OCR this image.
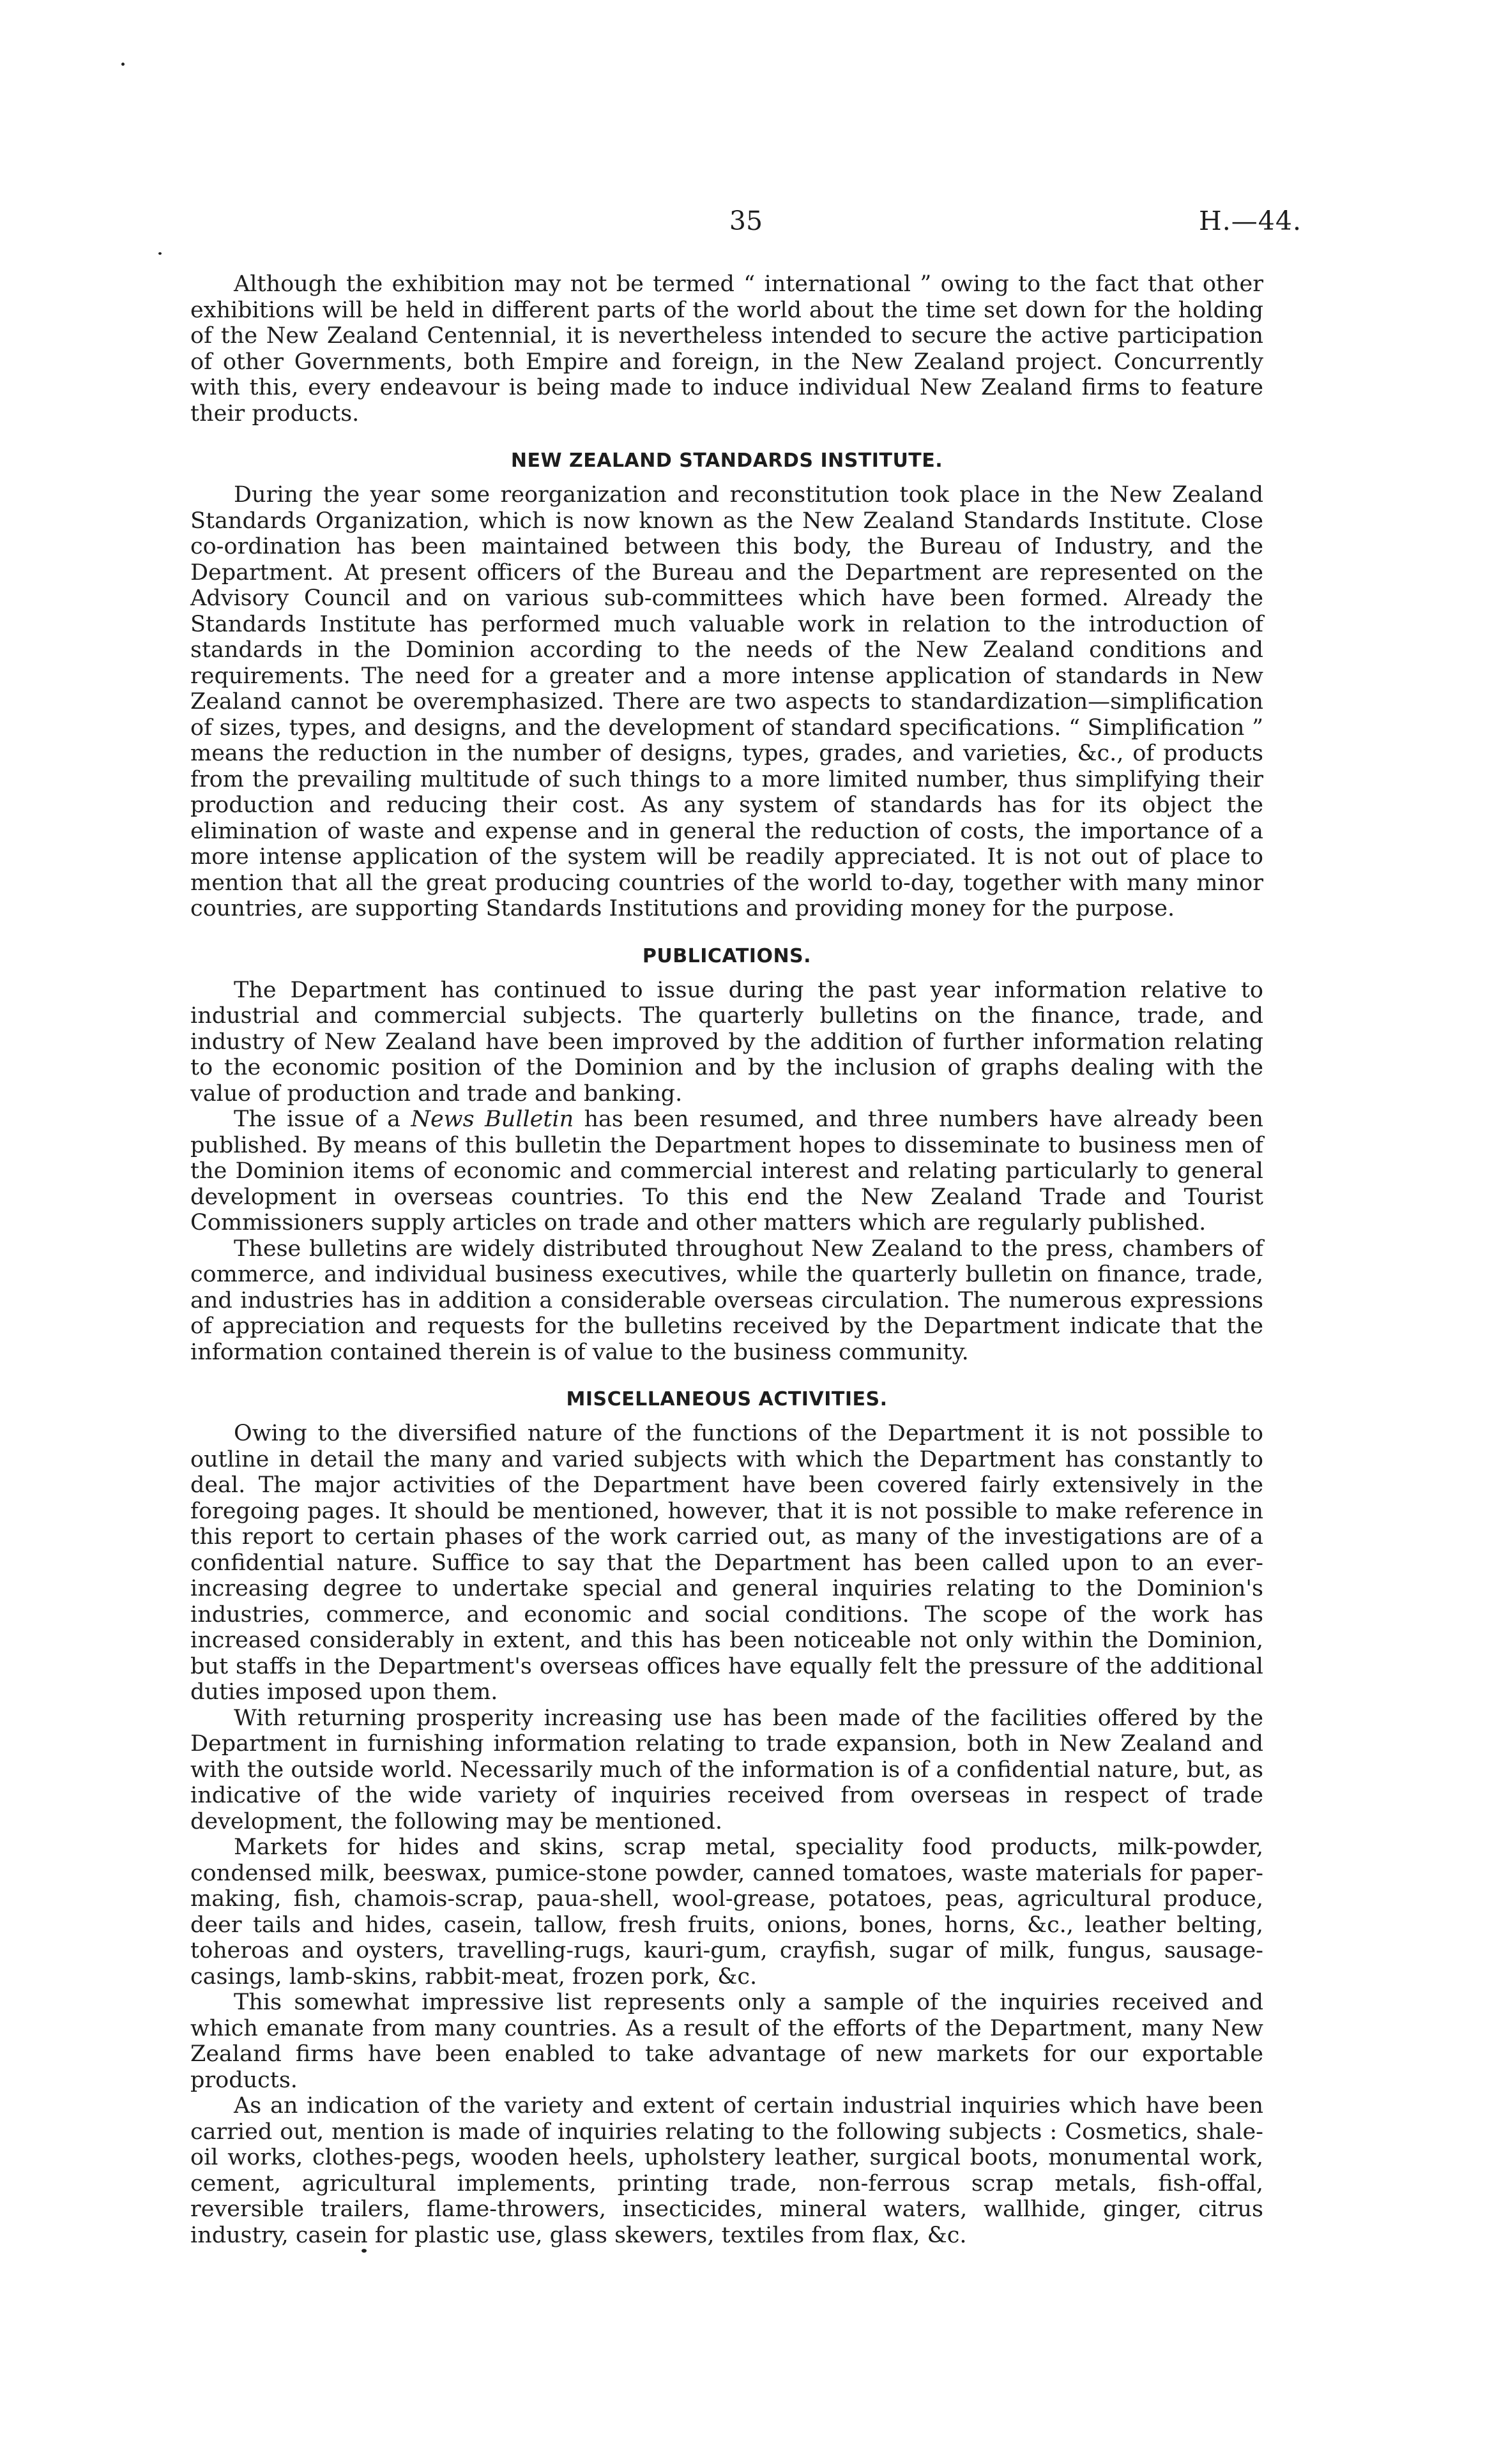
35	H.—44.

Although the exhibition may not be termed “ international ” owing to the fact that other exhibitions will be held in different parts of the world about the time set down for the holding of the New Zealand Centennial, it is nevertheless intended to secure the active participation of other Governments, both Empire and foreign, in the New Zealand project. Concurrently with this, every endeavour is being made to induce individual New Zealand firms to feature their products.

NEW ZEALAND STANDARDS INSTITUTE.

During the year some reorganization and reconstitution took place in the New Zealand Standards Organization, which is now known as the New Zealand Standards Institute. Close co-ordination has been maintained between this body, the Bureau of Industry, and the Department. At present officers of the Bureau and the Department are represented on the Advisory Council and on various sub-committees which have been formed. Already the Standards Institute has performed much valuable work in relation to the introduction of standards in the Dominion according to the needs of the New Zealand conditions and requirements. The need for a greater and a more intense application of standards in New Zealand cannot be overemphasized. There are two aspects to standardization—simplification of sizes, types, and designs, and the development of standard specifications. “ Simplification ” means the reduction in the number of designs, types, grades, and varieties, &c., of products from the prevailing multitude of such things to a more limited number, thus simplifying their production and reducing their cost. As any system of standards has for its object the elimination of waste and expense and in general the reduction of costs, the importance of a more intense application of the system will be readily appreciated. It is not out of place to mention that all the great producing countries of the world to-day, together with many minor countries, are supporting Standards Institutions and providing money for the purpose.

PUBLICATIONS.

The Department has continued to issue during the past year information relative to industrial and commercial subjects. The quarterly bulletins on the finance, trade, and industry of New Zealand have been improved by the addition of further information relating to the economic position of the Dominion and by the inclusion of graphs dealing with the value of production and trade and banking.

The issue of a News Bulletin has been resumed, and three numbers have already been published. By means of this bulletin the Department hopes to disseminate to business men of the Dominion items of economic and commercial interest and relating particularly to general development in overseas countries. To this end the New Zealand Trade and Tourist Commissioners supply articles on trade and other matters which are regularly published.

These bulletins are widely distributed throughout New Zealand to the press, chambers of commerce, and individual business executives, while the quarterly bulletin on finance, trade, and industries has in addition a considerable overseas circulation. The numerous expressions of appreciation and requests for the bulletins received by the Department indicate that the information contained therein is of value to the business community.

MISCELLANEOUS ACTIVITIES.

Owing to the diversified nature of the functions of the Department it is not possible to outline in detail the many and varied subjects with which the Department has constantly to deal. The major activities of the Department have been covered fairly extensively in the foregoing pages. It should be mentioned, however, that it is not possible to make reference in this report to certain phases of the work carried out, as many of the investigations are of a confidential nature. Suffice to say that the Department has been called upon to an ever-increasing degree to undertake special and general inquiries relating to the Dominion's industries, commerce, and economic and social conditions. The scope of the work has increased considerably in extent, and this has been noticeable not only within the Dominion, but staffs in the Department's overseas offices have equally felt the pressure of the additional duties imposed upon them.

With returning prosperity increasing use has been made of the facilities offered by the Department in furnishing information relating to trade expansion, both in New Zealand and with the outside world. Necessarily much of the information is of a confidential nature, but, as indicative of the wide variety of inquiries received from overseas in respect of trade development, the following may be mentioned.

Markets for hides and skins, scrap metal, speciality food products, milk-powder, condensed milk, beeswax, pumice-stone powder, canned tomatoes, waste materials for paper-making, fish, chamois-scrap, paua-shell, wool-grease, potatoes, peas, agricultural produce, deer tails and hides, casein, tallow, fresh fruits, onions, bones, horns, &c., leather belting, toheroas and oysters, travelling-rugs, kauri-gum, crayfish, sugar of milk, fungus, sausage-casings, lamb-skins, rabbit-meat, frozen pork, &c.

This somewhat impressive list represents only a sample of the inquiries received and which emanate from many countries. As a result of the efforts of the Department, many New Zealand firms have been enabled to take advantage of new markets for our exportable products.

As an indication of the variety and extent of certain industrial inquiries which have been carried out, mention is made of inquiries relating to the following subjects : Cosmetics, shale-oil works, clothes-pegs, wooden heels, upholstery leather, surgical boots, monumental work, cement, agricultural implements, printing trade, non-ferrous scrap metals, fish-offal, reversible trailers, flame-throwers, insecticides, mineral waters, wallhide, ginger, citrus industry, casein for plastic use, glass skewers, textiles from flax, &c.
